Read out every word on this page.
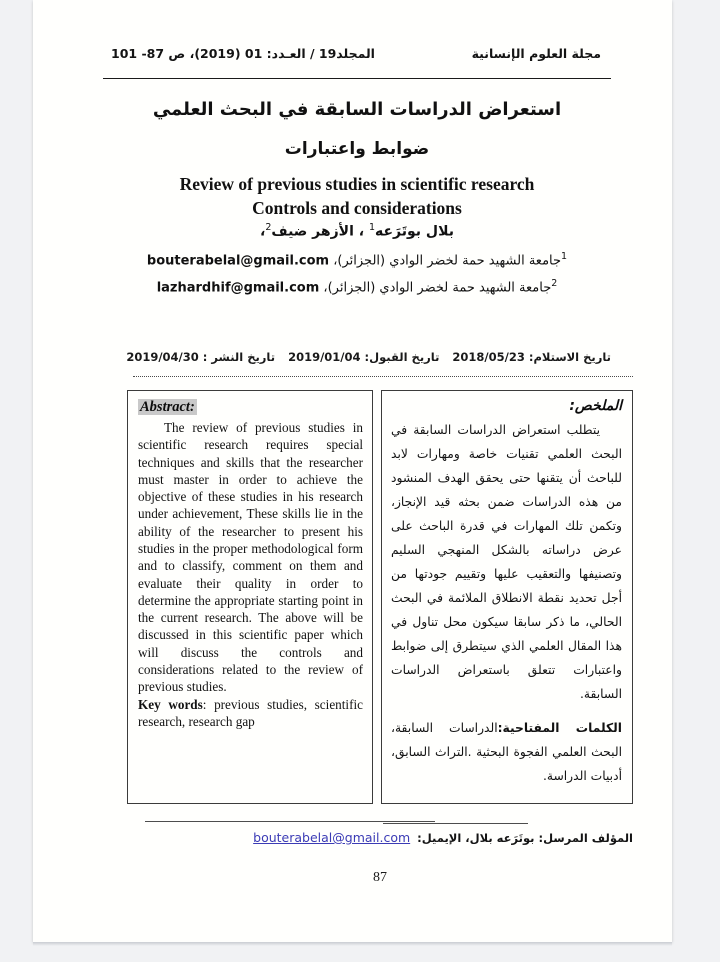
مجلة العلوم الإنسانية
المجلد19 / العـدد: 01 (2019)، ص 87- 101
استعراض الدراسات السابقة في البحث العلمي
ضوابط واعتبارات
Review of previous studies in scientific research
Controls and considerations
بلال بوتَرَعه$^1$ ، الأزهر ضيف$^2$،
$^1$جامعة الشهيد حمة لخضر الوادي (الجزائر)، bouterabelal@gmail.com
$^2$جامعة الشهيد حمة لخضر الوادي (الجزائر)، lazhardhif@gmail.com
تاريخ الاستلام: 2018/05/23 تاريخ القبول: 2019/01/04 تاريخ النشر : 2019/04/30
Abstract:
The review of previous studies in scientific research requires special techniques and skills that the researcher must master in order to achieve the objective of these studies in his research under achievement, These skills lie in the ability of the researcher to present his studies in the proper methodological form and to classify, comment on them and evaluate their quality in order to determine the appropriate starting point in the current research. The above will be discussed in this scientific paper which will discuss the controls and considerations related to the review of previous studies.
Key words: previous studies, scientific research, research gap
الملخص:
يتطلب استعراض الدراسات السابقة في البحث العلمي تقنيات خاصة ومهارات لابد للباحث أن يتقنها حتى يحقق الهدف المنشود من هذه الدراسات ضمن بحثه قيد الإنجاز، وتكمن تلك المهارات في قدرة الباحث على عرض دراساته بالشكل المنهجي السليم وتصنيفها والتعقيب عليها وتقييم جودتها من أجل تحديد نقطة الانطلاق الملائمة في البحث الحالي، ما ذكر سابقا سيكون محل تناول في هذا المقال العلمي الذي سيتطرق إلى ضوابط واعتبارات تتعلق باستعراض الدراسات السابقة.
الكلمات المفتاحية:الدراسات السابقة، البحث العلمي الفجوة البحثية .التراث السابق، أدبيات الدراسة.
المؤلف المرسل: بوتَرَعه بلال، الإيميل: bouterabelal@gmail.com
87
